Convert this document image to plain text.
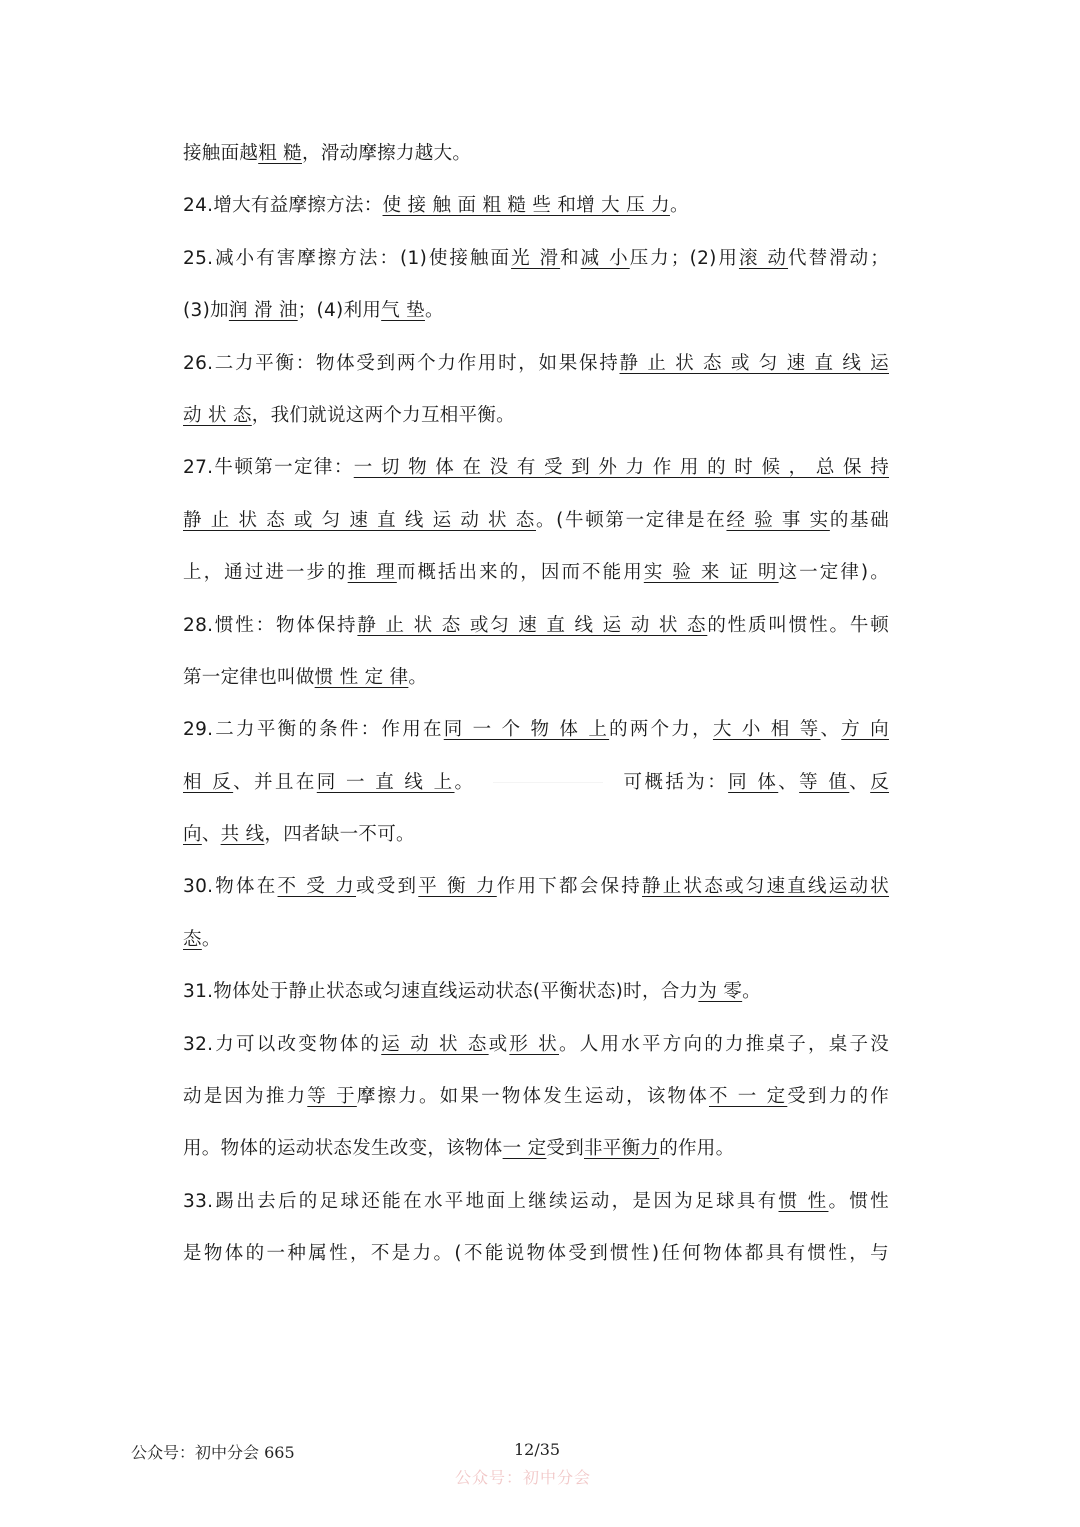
接触面越粗 糙，滑动摩擦力越大。
24.增大有益摩擦方法：使 接 触 面 粗 糙 些 和增 大 压 力。
25.减小有害摩擦方法：(1)使接触面光 滑和减 小压力；(2)用滚 动代替滑动；
(3)加润 滑 油；(4)利用气 垫。
26.二力平衡：物体受到两个力作用时，如果保持静 止 状 态 或 匀 速 直 线 运
动 状 态，我们就说这两个力互相平衡。
27.牛顿第一定律：一 切 物 体 在 没 有 受 到 外 力 作 用 的 时 候 ， 总 保 持
静 止 状 态 或 匀 速 直 线 运 动 状 态。(牛顿第一定律是在经 验 事 实的基础
上，通过进一步的推 理而概括出来的，因而不能用实 验 来 证 明这一定律)。
28.惯性：物体保持静 止 状 态 或匀 速 直 线 运 动 状 态的性质叫惯性。牛顿
第一定律也叫做惯 性 定 律。
29.二力平衡的条件：作用在同 一 个 物 体 上的两个力，大 小 相 等、方 向
相 反、并且在同 一 直 线 上。	可概括为：同 体、等 值、反
向、共 线，四者缺一不可。
30.物体在不 受 力或受到平 衡 力作用下都会保持静止状态或匀速直线运动状
态。
31.物体处于静止状态或匀速直线运动状态(平衡状态)时，合力为 零。
32.力可以改变物体的运 动 状 态或形 状。人用水平方向的力推桌子，桌子没
动是因为推力等 于摩擦力。如果一物体发生运动，该物体不 一 定受到力的作
用。物体的运动状态发生改变，该物体一 定受到非平衡力的作用。
33.踢出去后的足球还能在水平地面上继续运动，是因为足球具有惯 性。惯性
是物体的一种属性，不是力。(不能说物体受到惯性)任何物体都具有惯性，与
公众号：初中分会 665	12/35
公众号：初中分会
